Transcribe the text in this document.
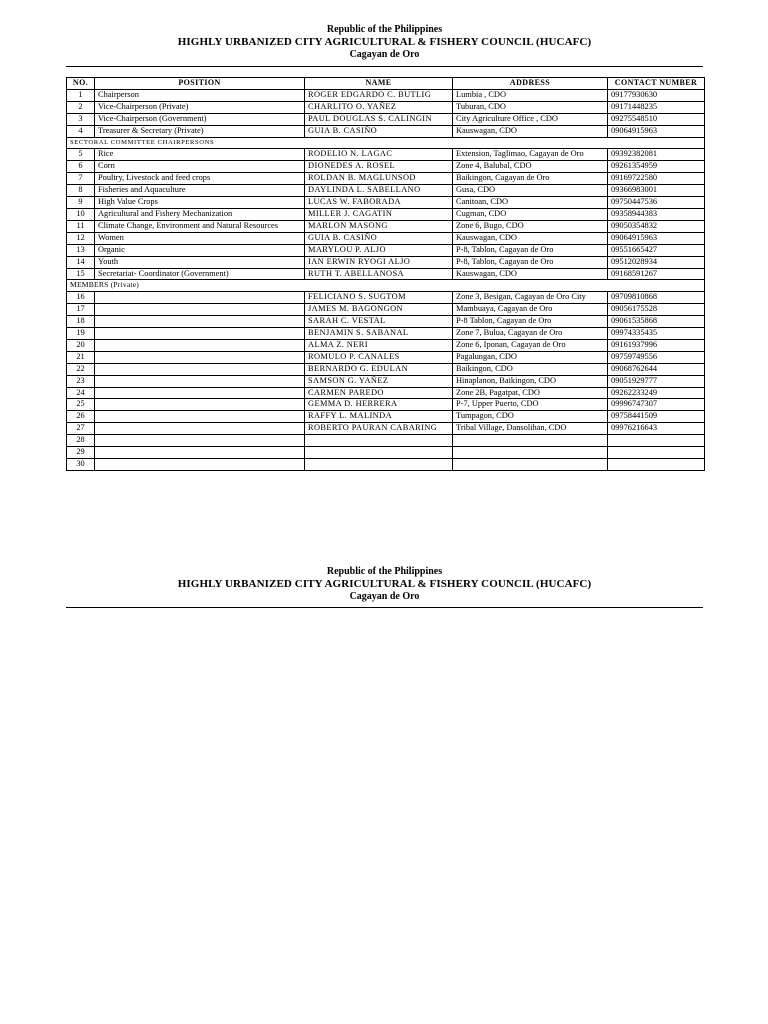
Republic of the Philippines
HIGHLY URBANIZED CITY AGRICULTURAL & FISHERY COUNCIL (HUCAFC)
Cagayan de Oro
NO.	POSITION	NAME	ADDRESS	CONTACT NUMBER
1	Chairperson	ROGER EDGARDO C. BUTLIG	Lumbia , CDO	09177930630
2	Vice-Chairperson (Private)	CHARLITO O. YAÑEZ	Tuburan, CDO	09171448235
3	Vice-Chairperson (Government)	PAUL DOUGLAS S. CALINGIN	City Agriculture Office , CDO	09275548510
4	Treasurer & Secretary (Private)	GUIA B. CASIÑO	Kauswagan, CDO	09064915963
SECTORAL COMMITTEE CHAIRPERSONS				
5	Rice	RODELIO N. LAGAC	Extension, Taglimao, Cagayan de Oro	09392382081
6	Corn	DIONEDES A. ROSEL	Zone 4, Balubal, CDO	09261354959
7	Poultry, Livestock and feed crops	ROLDAN B. MAGLUNSOD	Baikingon, Cagayan de Oro	09169722580
8	Fisheries and Aquaculture	DAYLINDA L. SABELLANO	Gusa, CDO	09366983001
9	High Value Crops	LUCAS W. FABORADA	Canitoan, CDO	09750447536
10	Agricultural and Fishery Mechanization	MILLER J. CAGATIN	Cugman, CDO	09358944383
11	Climate Change, Environment and Natural Resources	MARLON MASONG	Zone 6, Bugo, CDO	09050354832
12	Women	GUIA B. CASIÑO	Kauswagan, CDO	09064915963
13	Organic	MARYLOU P. ALJO	P-8, Tablon, Cagayan de Oro	09551665427
14	Youth	IAN ERWIN RYOGI ALJO	P-8, Tablon, Cagayan de Oro	09512028934
15	Secretariat- Coordinator (Government)	RUTH T. ABELLANOSA	Kauswagan, CDO	09168591267
MEMBERS (Private)				
16		FELICIANO S. SUGTOM	Zone 3, Besigan, Cagayan de Oro City	09709810868
17		JAMES M. BAGONGON	Mambuaya, Cagayan de Oro	09056175528
18		SARAH C. VESTAL	P-8 Tablon, Cagayan de Oro	09061535868
19		BENJAMIN S. SABANAL	Zone 7, Bulua, Cagayan de Oro	09974335435
20		ALMA Z. NERI	Zone 6, Iponan, Cagayan de Oro	09161937996
21		ROMULO P. CANALES	Pagalungan, CDO	09759749556
22		BERNARDO G. EDULAN	Baikingon, CDO	09068762644
23		SAMSON G. YAÑEZ	Hinaplanon, Baikingon, CDO	09051929777
24		CARMEN PAREDO	Zone 2B, Pagatpat, CDO	09262233249
25		GEMMA D. HERRERA	P-7, Upper Puerto, CDO	09996747307
26		RAFFY L. MALINDA	Tumpagon, CDO	09758441509
27		ROBERTO PAURAN CABARING	Tribal Village, Dansolihan, CDO	09976216643
28				
29				
30				
Republic of the Philippines
HIGHLY URBANIZED CITY AGRICULTURAL & FISHERY COUNCIL (HUCAFC)
Cagayan de Oro
